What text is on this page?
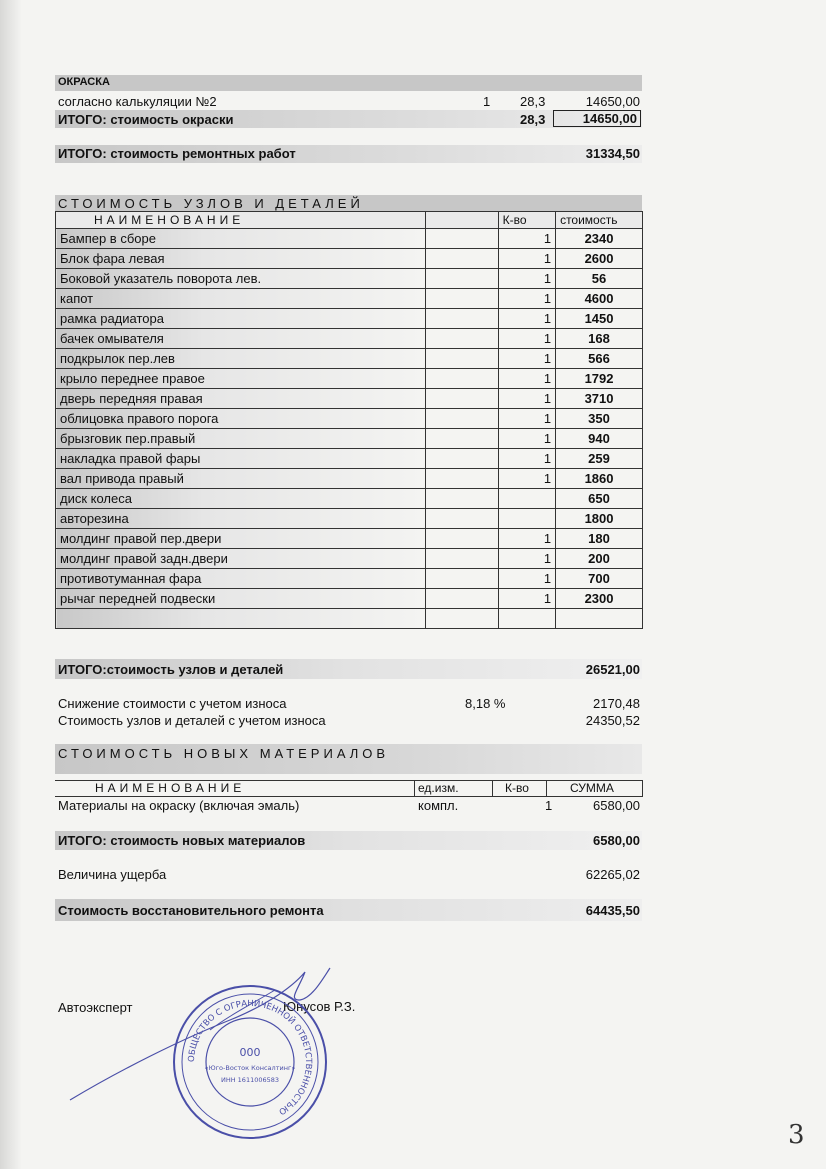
ОКРАСКА
согласно калькуляции №2	1 28,3	14650,00
ИТОГО: стоимость окраски	28,3	14650,00
ИТОГО: стоимость ремонтных работ	31334,50
СТОИМОСТЬ УЗЛОВ И ДЕТАЛЕЙ
НАИМЕНОВАНИЕ		К-во	стоимость
Бампер в сборе		1	2340
Блок фара левая		1	2600
Боковой указатель поворота лев.		1	56
капот		1	4600
рамка радиатора		1	1450
бачек омывателя		1	168
подкрылок пер.лев		1	566
крыло переднее правое		1	1792
дверь передняя правая		1	3710
облицовка правого порога		1	350
брызговик пер.правый		1	940
накладка правой фары		1	259
вал привода правый		1	1860
диск колеса			650
авторезина			1800
молдинг правой пер.двери		1	180
молдинг правой задн.двери		1	200
противотуманная фара		1	700
рычаг передней подвески		1	2300

ИТОГО:стоимость узлов и деталей	26521,00
Снижение стоимости с учетом износа	8,18 %	2170,48
Стоимость узлов и деталей с учетом износа	24350,52
СТОИМОСТЬ НОВЫХ МАТЕРИАЛОВ
НАИМЕНОВАНИЕ	ед.изм.	К-во	СУММА
Материалы на окраску (включая эмаль)	компл.	1	6580,00
ИТОГО: стоимость новых материалов	6580,00
Величина ущерба	62265,02
Стоимость восстановительного ремонта	64435,50
Автоэксперт	Юнусов Р.З.
ОБЩЕСТВО С ОГРАНИЧЕННОЙ ОТВЕТСТВЕННОСТЬЮ
000
«Юго-Восток Консалтинг»
ИНН 1611006583
3
